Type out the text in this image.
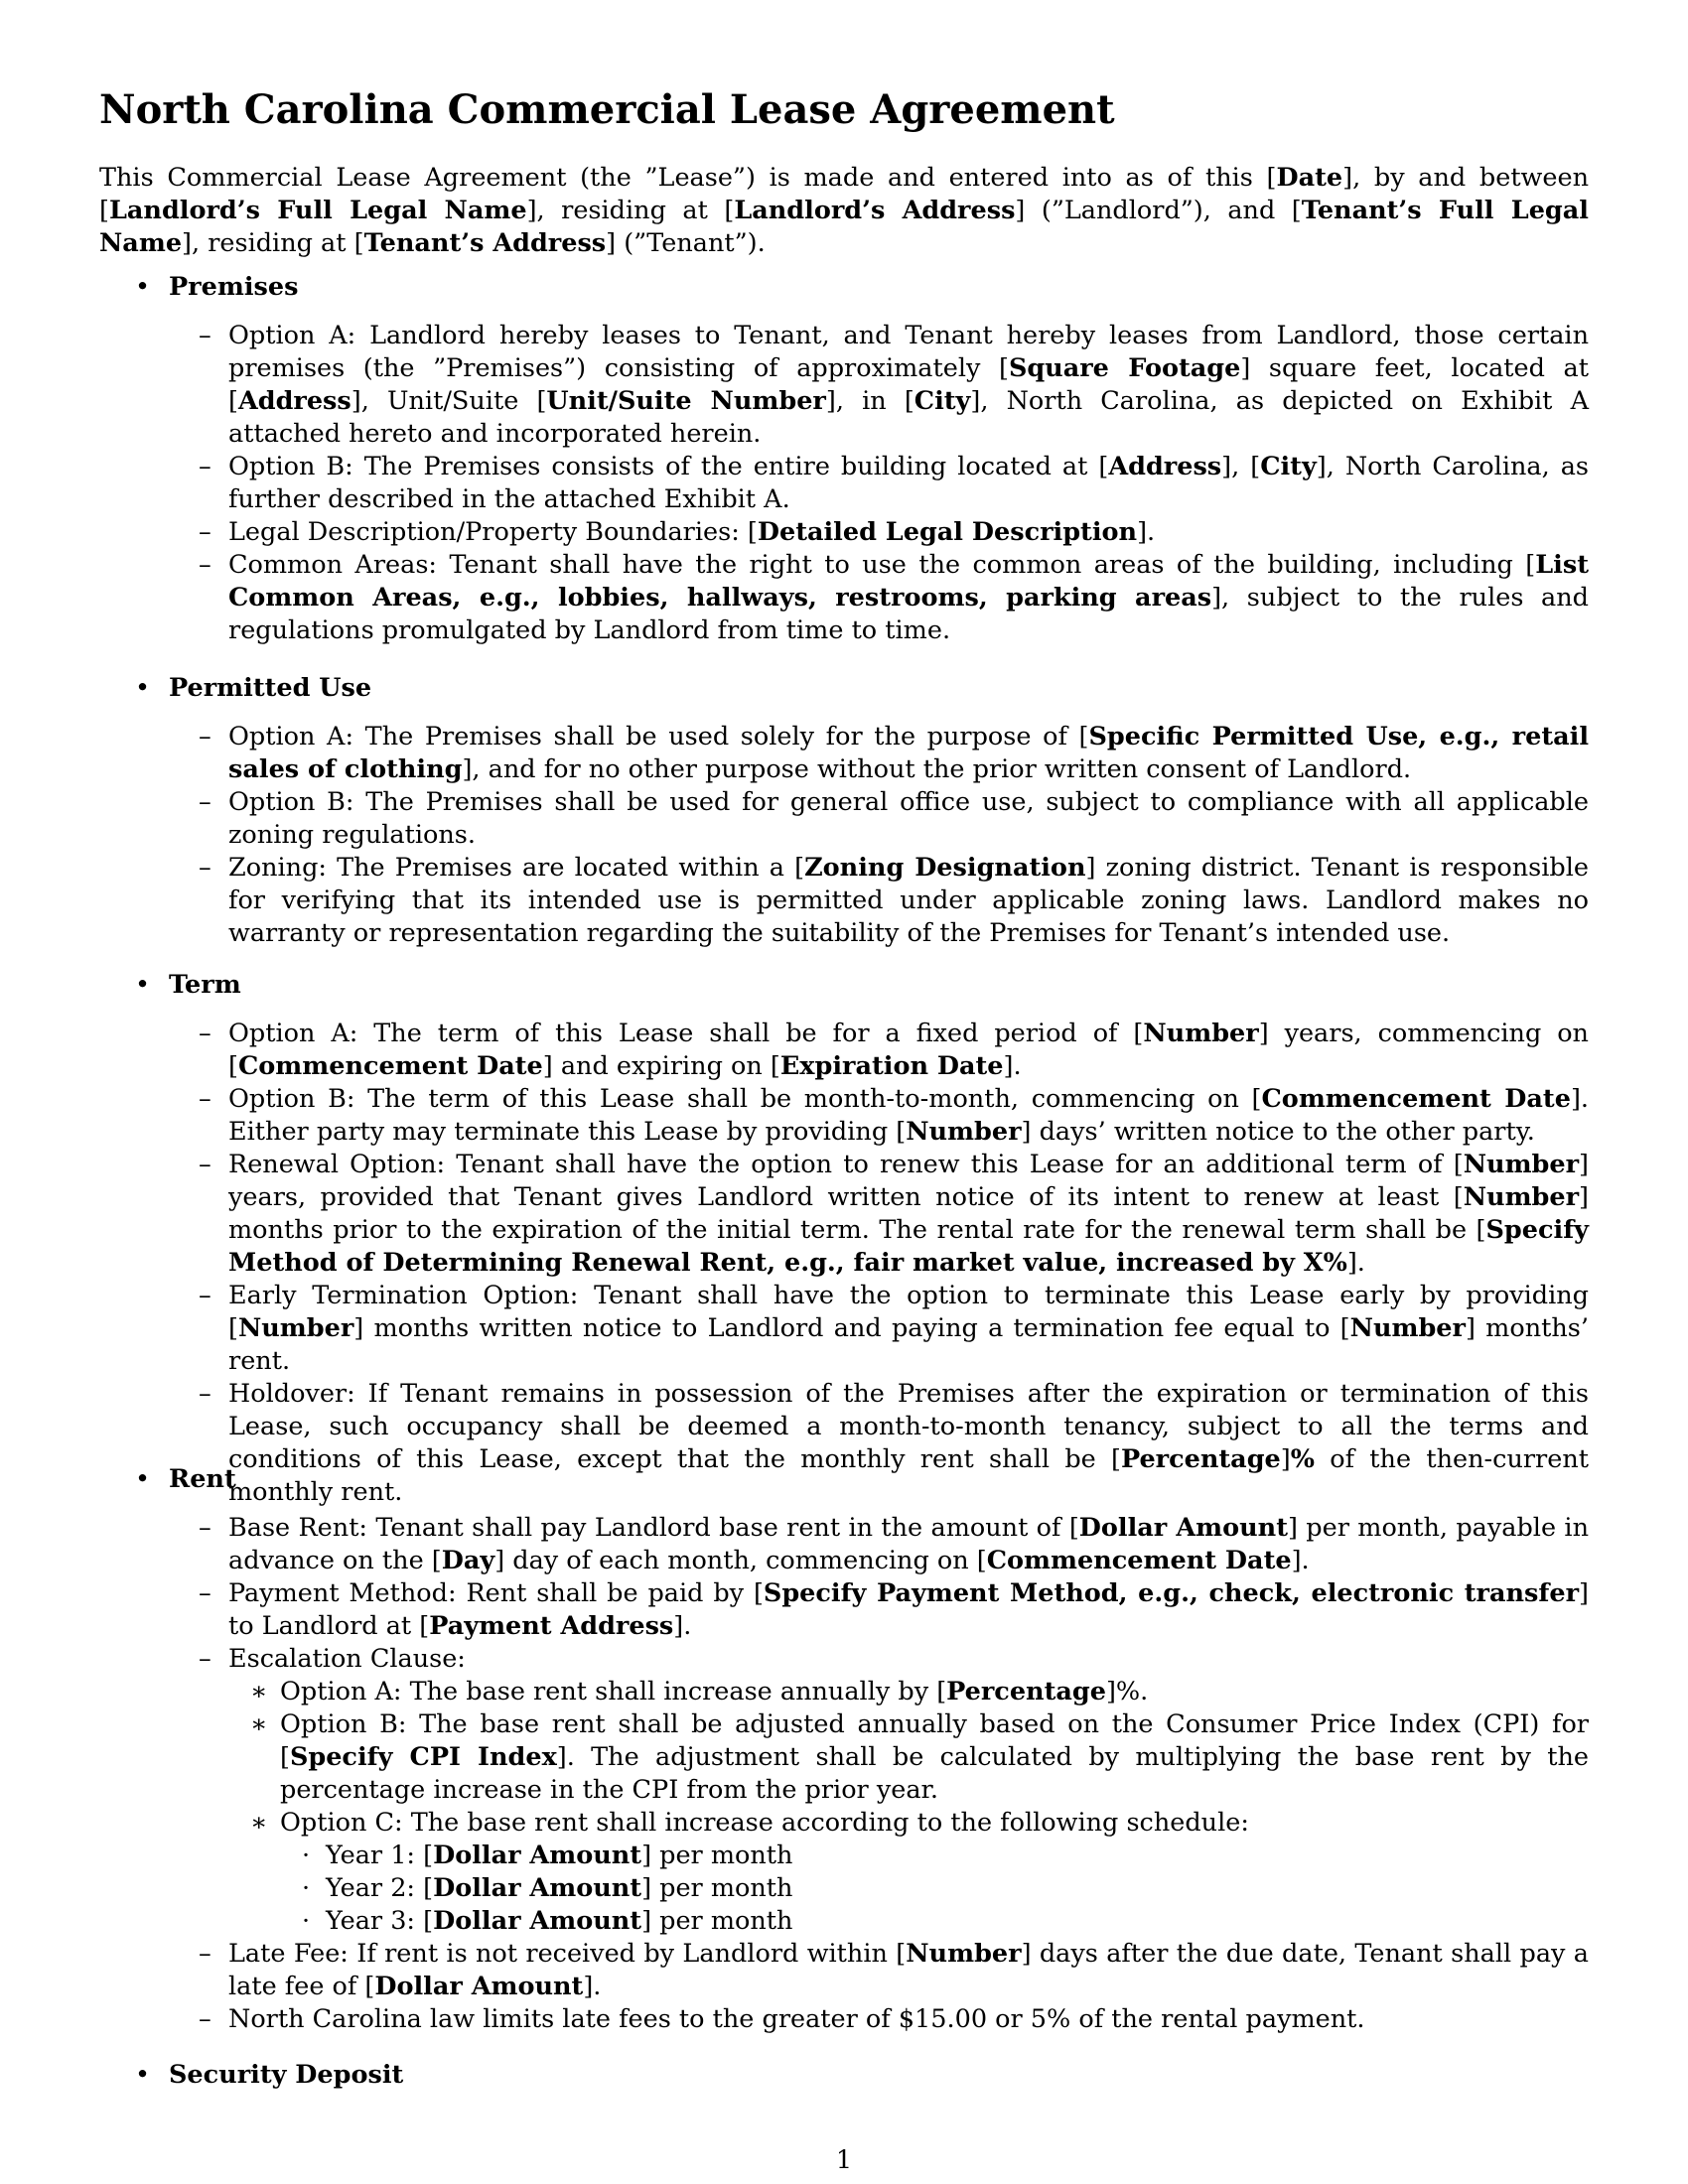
North Carolina Commercial Lease Agreement

This Commercial Lease Agreement (the ”Lease”) is made and entered into as of this [Date], by and between [Landlord’s Full Legal Name], residing at [Landlord’s Address] (”Landlord”), and [Tenant’s Full Legal Name], residing at [Tenant’s Address] (”Tenant”).

• Premises
– Option A: Landlord hereby leases to Tenant, and Tenant hereby leases from Landlord, those certain premises (the ”Premises”) consisting of approximately [Square Footage] square feet, located at [Address], Unit/Suite [Unit/Suite Number], in [City], North Carolina, as depicted on Exhibit A attached hereto and incorporated herein.
– Option B: The Premises consists of the entire building located at [Address], [City], North Carolina, as further described in the attached Exhibit A.
– Legal Description/Property Boundaries: [Detailed Legal Description].
– Common Areas: Tenant shall have the right to use the common areas of the building, including [List Common Areas, e.g., lobbies, hallways, restrooms, parking areas], subject to the rules and regulations promulgated by Landlord from time to time.
• Permitted Use
– Option A: The Premises shall be used solely for the purpose of [Specific Permitted Use, e.g., retail sales of clothing], and for no other purpose without the prior written consent of Landlord.
– Option B: The Premises shall be used for general office use, subject to compliance with all applicable zoning regulations.
– Zoning: The Premises are located within a [Zoning Designation] zoning district. Tenant is responsible for verifying that its intended use is permitted under applicable zoning laws. Landlord makes no warranty or representation regarding the suitability of the Premises for Tenant’s intended use.
• Term
– Option A: The term of this Lease shall be for a fixed period of [Number] years, commencing on [Commencement Date] and expiring on [Expiration Date].
– Option B: The term of this Lease shall be month-to-month, commencing on [Commencement Date]. Either party may terminate this Lease by providing [Number] days’ written notice to the other party.
– Renewal Option: Tenant shall have the option to renew this Lease for an additional term of [Number] years, provided that Tenant gives Landlord written notice of its intent to renew at least [Number] months prior to the expiration of the initial term. The rental rate for the renewal term shall be [Specify Method of Determining Renewal Rent, e.g., fair market value, increased by X%].
– Early Termination Option: Tenant shall have the option to terminate this Lease early by providing [Number] months written notice to Landlord and paying a termination fee equal to [Number] months’ rent.
– Holdover: If Tenant remains in possession of the Premises after the expiration or termination of this Lease, such occupancy shall be deemed a month-to-month tenancy, subject to all the terms and conditions of this Lease, except that the monthly rent shall be [Percentage]% of the then-current monthly rent.
• Rent
– Base Rent: Tenant shall pay Landlord base rent in the amount of [Dollar Amount] per month, payable in advance on the [Day] day of each month, commencing on [Commencement Date].
– Payment Method: Rent shall be paid by [Specify Payment Method, e.g., check, electronic transfer] to Landlord at [Payment Address].
– Escalation Clause:
∗ Option A: The base rent shall increase annually by [Percentage]%.
∗ Option B: The base rent shall be adjusted annually based on the Consumer Price Index (CPI) for [Specify CPI Index]. The adjustment shall be calculated by multiplying the base rent by the percentage increase in the CPI from the prior year.
∗ Option C: The base rent shall increase according to the following schedule:
· Year 1: [Dollar Amount] per month
· Year 2: [Dollar Amount] per month
· Year 3: [Dollar Amount] per month
– Late Fee: If rent is not received by Landlord within [Number] days after the due date, Tenant shall pay a late fee of [Dollar Amount].
– North Carolina law limits late fees to the greater of $15.00 or 5% of the rental payment.
• Security Deposit
1
